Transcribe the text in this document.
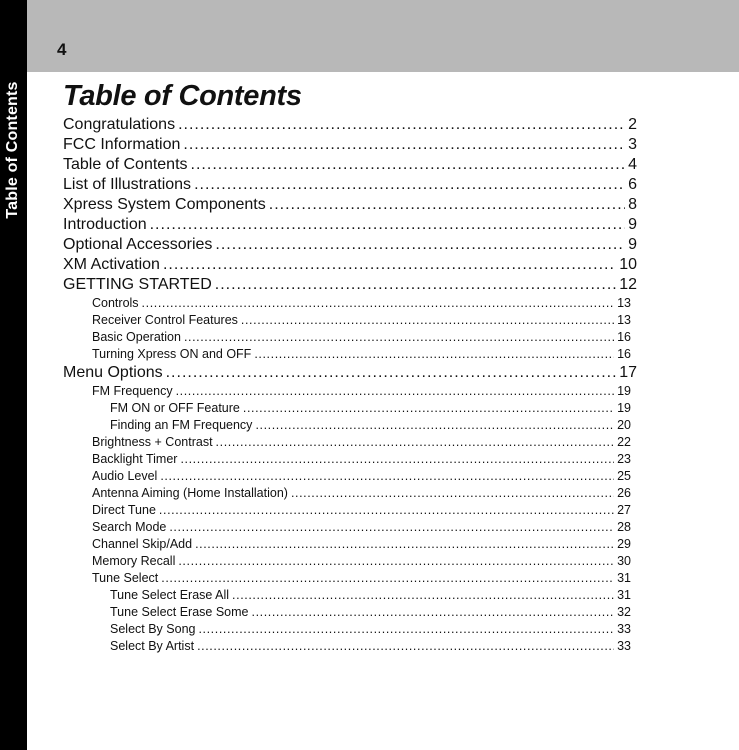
Table of Contents
4
Table of Contents
Congratulations .....	2
FCC Information .....	3
Table of Contents .....	4
List of Illustrations .....	6
Xpress System Components .....	8
Introduction .....	9
Optional Accessories .....	9
XM Activation .....	10
GETTING STARTED .....	12
Controls .....	13
Receiver Control Features .....	13
Basic Operation .....	16
Turning Xpress ON and OFF .....	16
Menu Options .....	17
FM Frequency .....	19
FM ON or OFF Feature .....	19
Finding an FM Frequency .....	20
Brightness + Contrast .....	22
Backlight Timer .....	23
Audio Level .....	25
Antenna Aiming (Home Installation) .....	26
Direct Tune .....	27
Search Mode .....	28
Channel Skip/Add .....	29
Memory Recall .....	30
Tune Select .....	31
Tune Select Erase All .....	31
Tune Select Erase Some .....	32
Select By Song .....	33
Select By Artist .....	33
